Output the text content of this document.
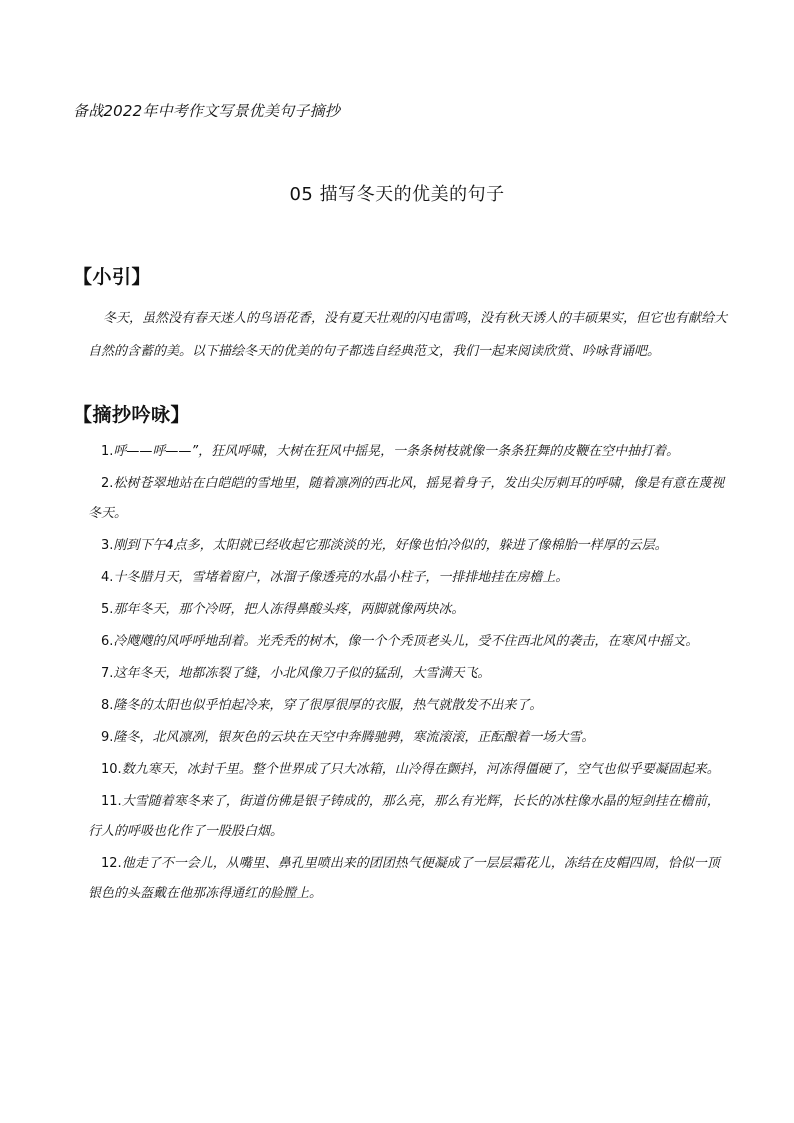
备战2022年中考作文写景优美句子摘抄
05 描写冬天的优美的句子
【小引】

冬天，虽然没有春天迷人的鸟语花香，没有夏天壮观的闪电雷鸣，没有秋天诱人的丰硕果实，但它也有献给大自然的含蓄的美。以下描绘冬天的优美的句子都选自经典范文，我们一起来阅读欣赏、吟咏背诵吧。

【摘抄吟咏】
1.呼——呼——”，狂风呼啸，大树在狂风中摇晃，一条条树枝就像一条条狂舞的皮鞭在空中抽打着。
2.松树苍翠地站在白皑皑的雪地里，随着凛冽的西北风，摇晃着身子，发出尖厉刺耳的呼啸，像是有意在蔑视冬天。
3.刚到下午4点多，太阳就已经收起它那淡淡的光，好像也怕冷似的，躲进了像棉胎一样厚的云层。
4.十冬腊月天，雪堵着窗户，冰溜子像透亮的水晶小柱子，一排排地挂在房檐上。
5.那年冬天，那个冷呀，把人冻得鼻酸头疼，两脚就像两块冰。
6.冷飕飕的风呼呼地刮着。光秃秃的树木，像一个个秃顶老头儿，受不住西北风的袭击，在寒风中摇文。
7.这年冬天，地都冻裂了缝，小北风像刀子似的猛刮，大雪满天飞。
8.隆冬的太阳也似乎怕起冷来，穿了很厚很厚的衣服，热气就散发不出来了。
9.隆冬，北风凛冽，银灰色的云块在天空中奔腾驰骋，寒流滚滚，正酝酿着一场大雪。
10.数九寒天，冰封千里。整个世界成了只大冰箱，山冷得在颤抖，河冻得僵硬了，空气也似乎要凝固起来。
11.大雪随着寒冬来了，街道仿佛是银子铸成的，那么亮，那么有光辉，长长的冰柱像水晶的短剑挂在檐前，行人的呼吸也化作了一股股白烟。
12.他走了不一会儿，从嘴里、鼻孔里喷出来的团团热气便凝成了一层层霜花儿，冻结在皮帽四周，恰似一顶银色的头盔戴在他那冻得通红的脸膛上。
